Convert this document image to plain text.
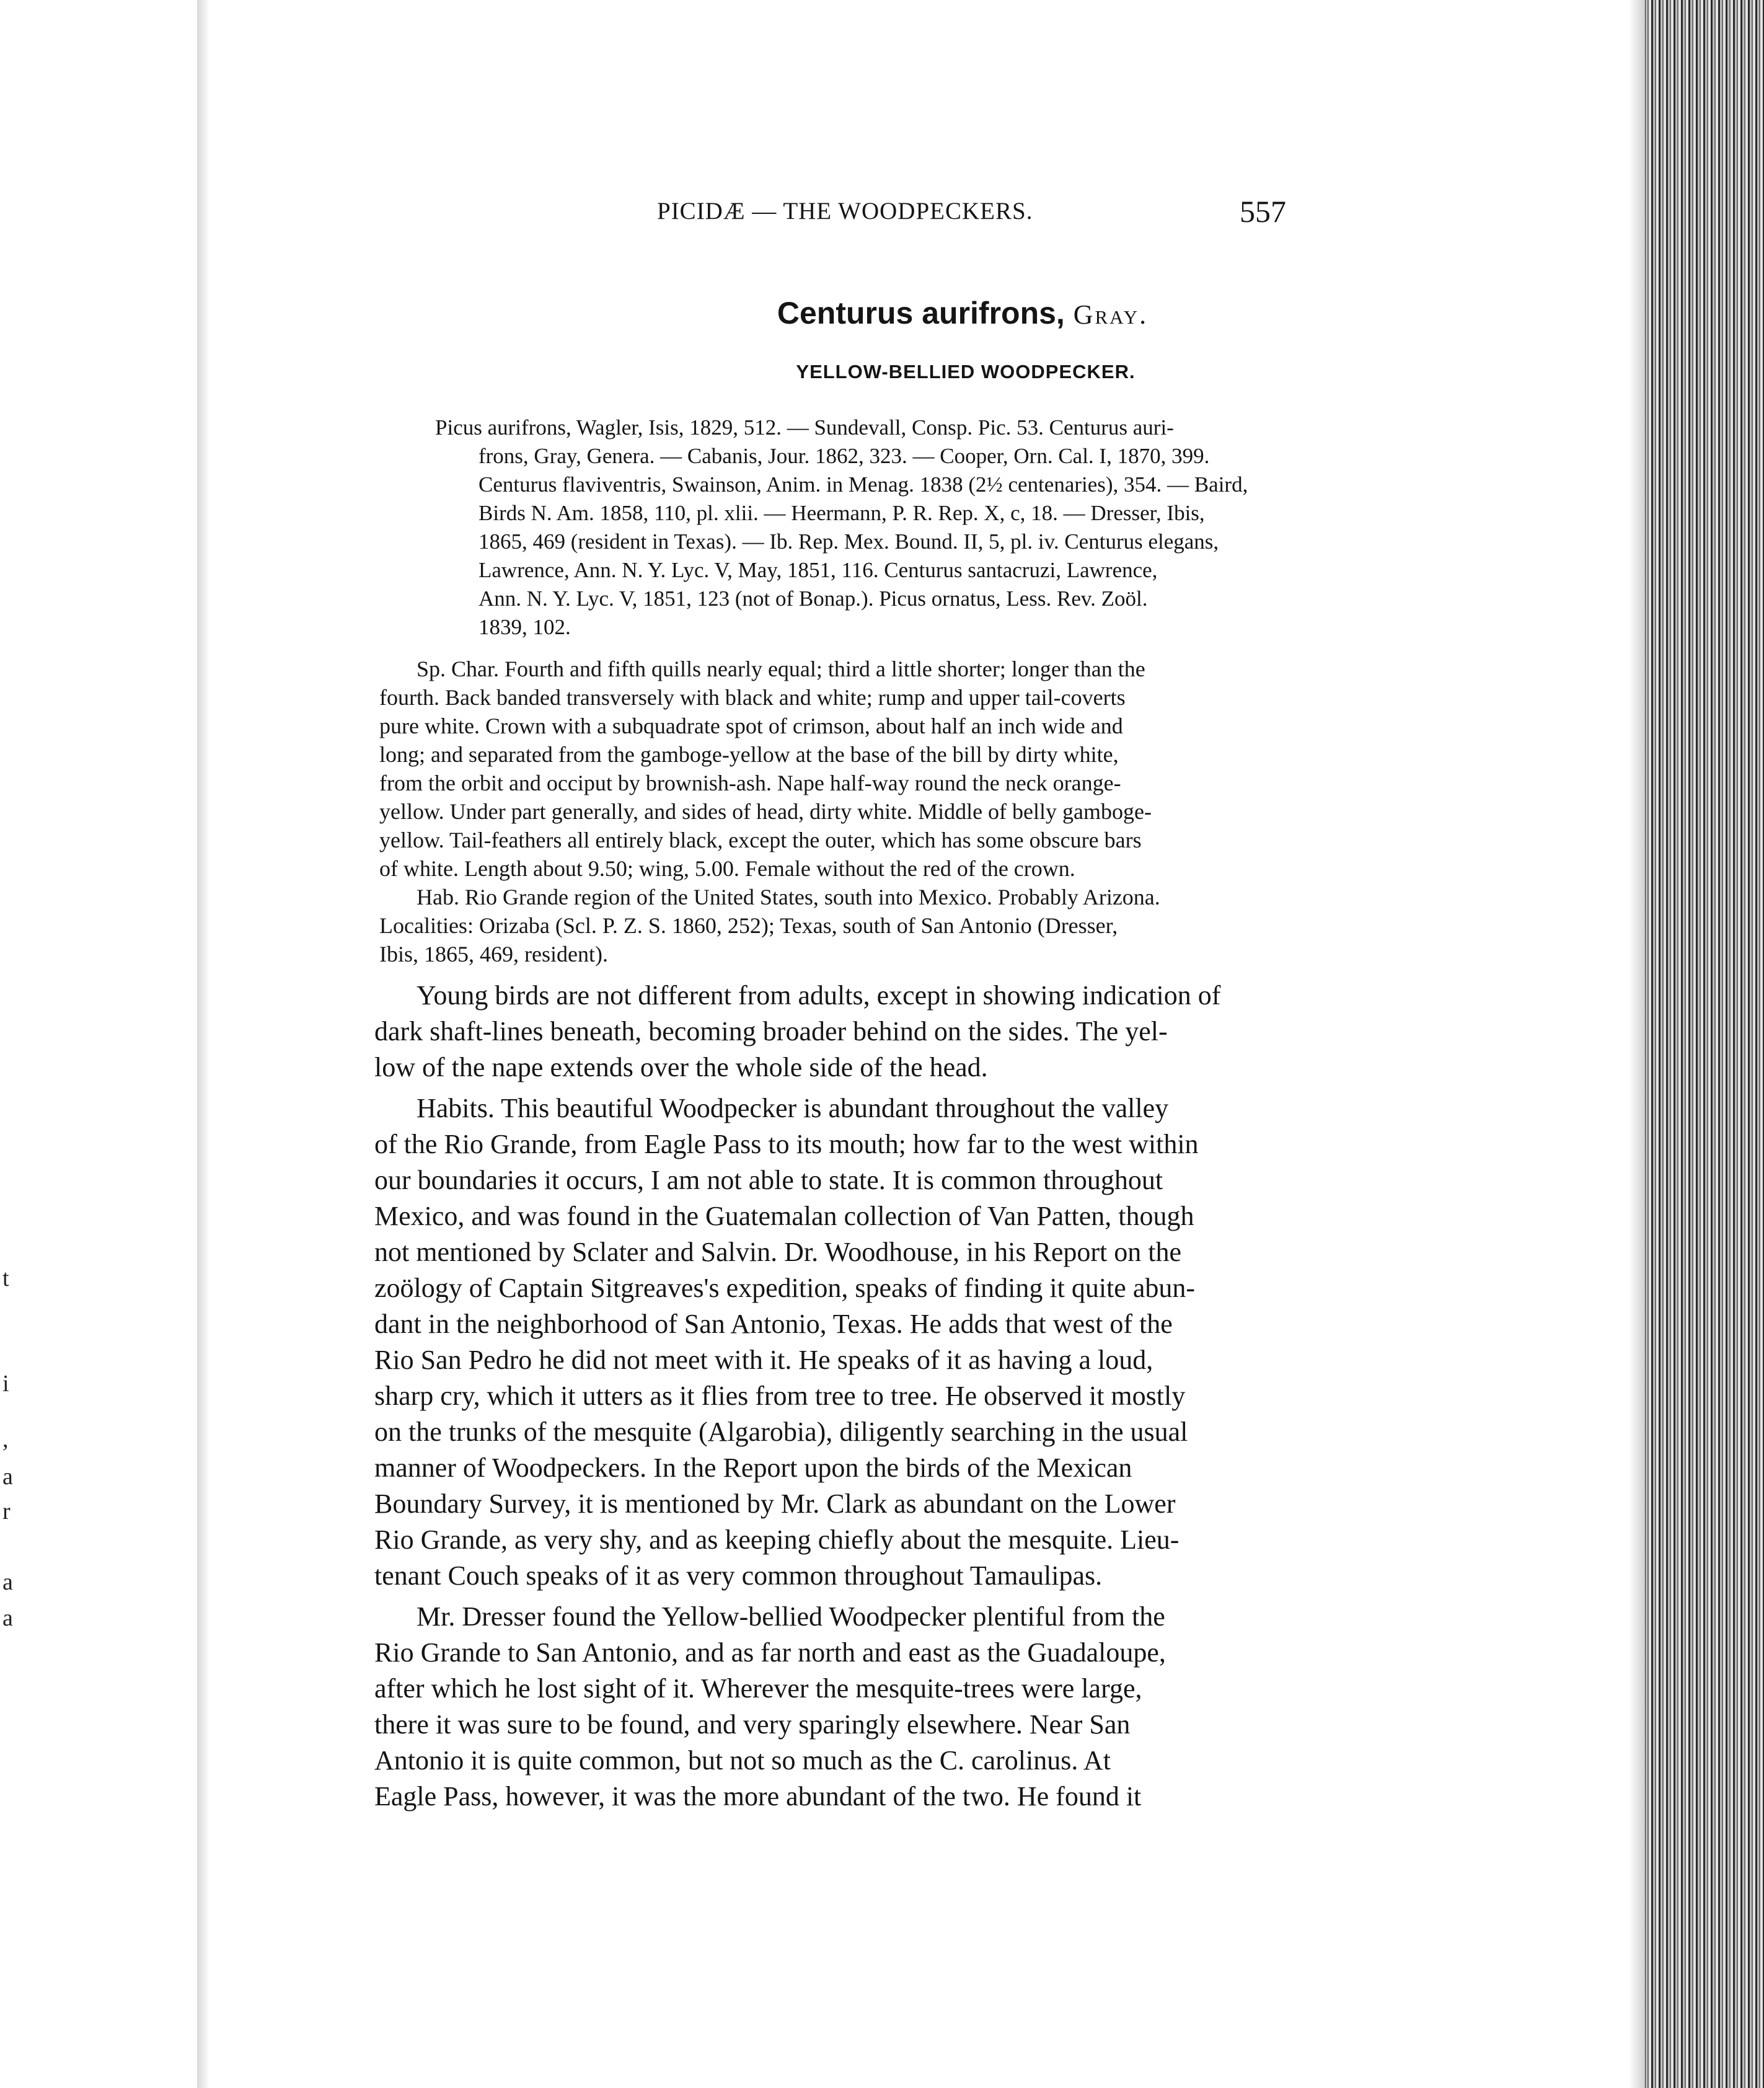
PICIDÆ — THE WOODPECKERS.	557
Centurus aurifrons, Gray.
YELLOW-BELLIED WOODPECKER.
Picus aurifrons, Wagler, Isis, 1829, 512. — Sundevall, Consp. Pic. 53. Centurus auri-
frons, Gray, Genera. — Cabanis, Jour. 1862, 323. — Cooper, Orn. Cal. I, 1870, 399.
Centurus flaviventris, Swainson, Anim. in Menag. 1838 (2½ centenaries), 354. — Baird,
Birds N. Am. 1858, 110, pl. xlii. — Heermann, P. R. Rep. X, c, 18. — Dresser, Ibis,
1865, 469 (resident in Texas). — Ib. Rep. Mex. Bound. II, 5, pl. iv. Centurus elegans,
Lawrence, Ann. N. Y. Lyc. V, May, 1851, 116. Centurus santacruzi, Lawrence,
Ann. N. Y. Lyc. V, 1851, 123 (not of Bonap.). Picus ornatus, Less. Rev. Zoöl.
1839, 102.
Sp. Char. Fourth and fifth quills nearly equal; third a little shorter; longer than the
fourth. Back banded transversely with black and white; rump and upper tail-coverts
pure white. Crown with a subquadrate spot of crimson, about half an inch wide and
long; and separated from the gamboge-yellow at the base of the bill by dirty white,
from the orbit and occiput by brownish-ash. Nape half-way round the neck orange-
yellow. Under part generally, and sides of head, dirty white. Middle of belly gamboge-
yellow. Tail-feathers all entirely black, except the outer, which has some obscure bars
of white. Length about 9.50; wing, 5.00. Female without the red of the crown.
Hab. Rio Grande region of the United States, south into Mexico. Probably Arizona.
Localities: Orizaba (Scl. P. Z. S. 1860, 252); Texas, south of San Antonio (Dresser,
Ibis, 1865, 469, resident).
Young birds are not different from adults, except in showing indication of
dark shaft-lines beneath, becoming broader behind on the sides. The yel-
low of the nape extends over the whole side of the head.
Habits. This beautiful Woodpecker is abundant throughout the valley
of the Rio Grande, from Eagle Pass to its mouth; how far to the west within
our boundaries it occurs, I am not able to state. It is common throughout
Mexico, and was found in the Guatemalan collection of Van Patten, though
not mentioned by Sclater and Salvin. Dr. Woodhouse, in his Report on the
zoölogy of Captain Sitgreaves's expedition, speaks of finding it quite abun-
dant in the neighborhood of San Antonio, Texas. He adds that west of the
Rio San Pedro he did not meet with it. He speaks of it as having a loud,
sharp cry, which it utters as it flies from tree to tree. He observed it mostly
on the trunks of the mesquite (Algarobia), diligently searching in the usual
manner of Woodpeckers. In the Report upon the birds of the Mexican
Boundary Survey, it is mentioned by Mr. Clark as abundant on the Lower
Rio Grande, as very shy, and as keeping chiefly about the mesquite. Lieu-
tenant Couch speaks of it as very common throughout Tamaulipas.
Mr. Dresser found the Yellow-bellied Woodpecker plentiful from the
Rio Grande to San Antonio, and as far north and east as the Guadaloupe,
after which he lost sight of it. Wherever the mesquite-trees were large,
there it was sure to be found, and very sparingly elsewhere. Near San
Antonio it is quite common, but not so much as the C. carolinus. At
Eagle Pass, however, it was the more abundant of the two. He found it
t
i
,
a
r
a
a
